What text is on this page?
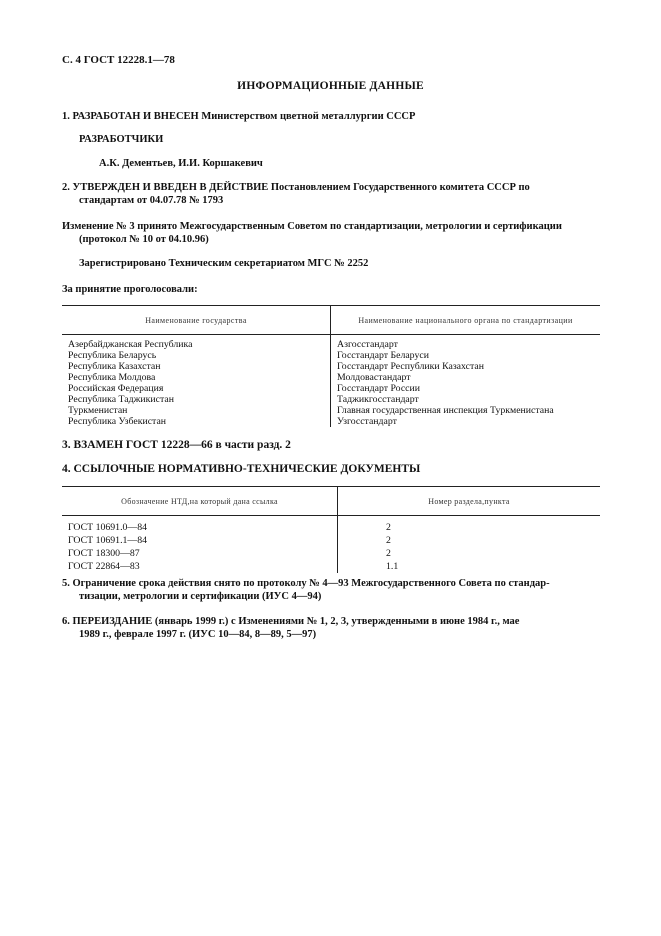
С. 4 ГОСТ 12228.1—78
ИНФОРМАЦИОННЫЕ ДАННЫЕ
1. РАЗРАБОТАН И ВНЕСЕН Министерством цветной металлургии СССР
РАЗРАБОТЧИКИ
А.К. Дементьев, И.И. Коршакевич
2. УТВЕРЖДЕН И ВВЕДЕН В ДЕЙСТВИЕ Постановлением Государственного комитета СССР по
стандартам от 04.07.78 № 1793
Изменение № 3 принято Межгосударственным Советом по стандартизации, метрологии и сертификации
(протокол № 10 от 04.10.96)
Зарегистрировано Техническим секретариатом МГС № 2252
За принятие проголосовали:
Наименование государства	Наименование национального органа по стандартизации

Азербайджанская Республика	Азгосстандарт
Республика Беларусь	Госстандарт Беларуси
Республика Казахстан	Госстандарт Республики Казахстан
Республика Молдова	Молдовастандарт
Российская Федерация	Госстандарт России
Республика Таджикистан	Таджикгосстандарт
Туркменистан	Главная государственная инспекция Туркменистана
Республика Узбекистан	Узгосстандарт
3. ВЗАМЕН ГОСТ 12228—66 в части разд. 2
4. ССЫЛОЧНЫЕ НОРМАТИВНО-ТЕХНИЧЕСКИЕ ДОКУМЕНТЫ
Обозначение НТД,на который дана ссылка	Номер раздела,пункта

ГОСТ 10691.0—84	2
ГОСТ 10691.1—84	2
ГОСТ 18300—87	2
ГОСТ 22864—83	1.1
5. Ограничение срока действия снято по протоколу № 4—93 Межгосударственного Совета по стандар-
тизации, метрологии и сертификации (ИУС 4—94)
6. ПЕРЕИЗДАНИЕ (январь 1999 г.) с Изменениями № 1, 2, 3, утвержденными в июне 1984 г., мае
1989 г., феврале 1997 г. (ИУС 10—84, 8—89, 5—97)
